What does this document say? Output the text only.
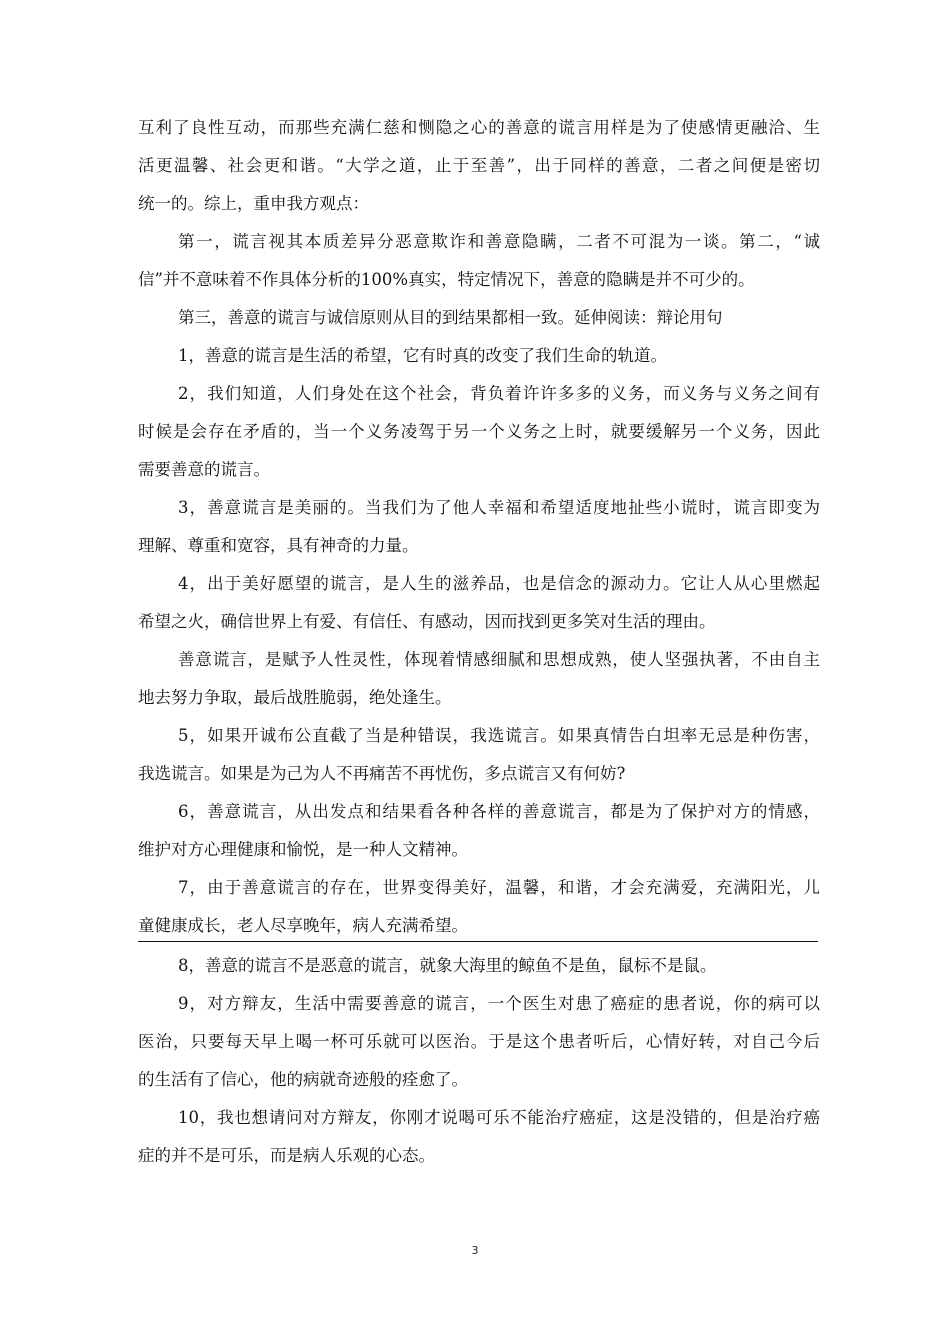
互利了良性互动，而那些充满仁慈和恻隐之心的善意的谎言用样是为了使感情更融洽、生
活更温馨、社会更和谐。“大学之道，止于至善”，出于同样的善意，二者之间便是密切
统一的。综上，重申我方观点：
第一，谎言视其本质差异分恶意欺诈和善意隐瞒，二者不可混为一谈。第二，“诚
信”并不意味着不作具体分析的100%真实，特定情况下，善意的隐瞒是并不可少的。
第三，善意的谎言与诚信原则从目的到结果都相一致。延伸阅读：辩论用句
1，善意的谎言是生活的希望，它有时真的改变了我们生命的轨道。
2，我们知道，人们身处在这个社会，背负着许许多多的义务，而义务与义务之间有
时候是会存在矛盾的，当一个义务凌驾于另一个义务之上时，就要缓解另一个义务，因此
需要善意的谎言。
3，善意谎言是美丽的。当我们为了他人幸福和希望适度地扯些小谎时，谎言即变为
理解、尊重和宽容，具有神奇的力量。
4，出于美好愿望的谎言，是人生的滋养品，也是信念的源动力。它让人从心里燃起
希望之火，确信世界上有爱、有信任、有感动，因而找到更多笑对生活的理由。
善意谎言，是赋予人性灵性，体现着情感细腻和思想成熟，使人坚强执著，不由自主
地去努力争取，最后战胜脆弱，绝处逢生。
5，如果开诚布公直截了当是种错误，我选谎言。如果真情告白坦率无忌是种伤害，
我选谎言。如果是为己为人不再痛苦不再忧伤，多点谎言又有何妨?
6，善意谎言，从出发点和结果看各种各样的善意谎言，都是为了保护对方的情感，
维护对方心理健康和愉悦，是一种人文精神。
7，由于善意谎言的存在，世界变得美好，温馨，和谐，才会充满爱，充满阳光，儿
童健康成长，老人尽享晚年，病人充满希望。
8，善意的谎言不是恶意的谎言，就象大海里的鲸鱼不是鱼，鼠标不是鼠。
9，对方辩友，生活中需要善意的谎言，一个医生对患了癌症的患者说，你的病可以
医治，只要每天早上喝一杯可乐就可以医治。于是这个患者听后，心情好转，对自己今后
的生活有了信心，他的病就奇迹般的痊愈了。
10，我也想请问对方辩友，你刚才说喝可乐不能治疗癌症，这是没错的，但是治疗癌
症的并不是可乐，而是病人乐观的心态。
3
